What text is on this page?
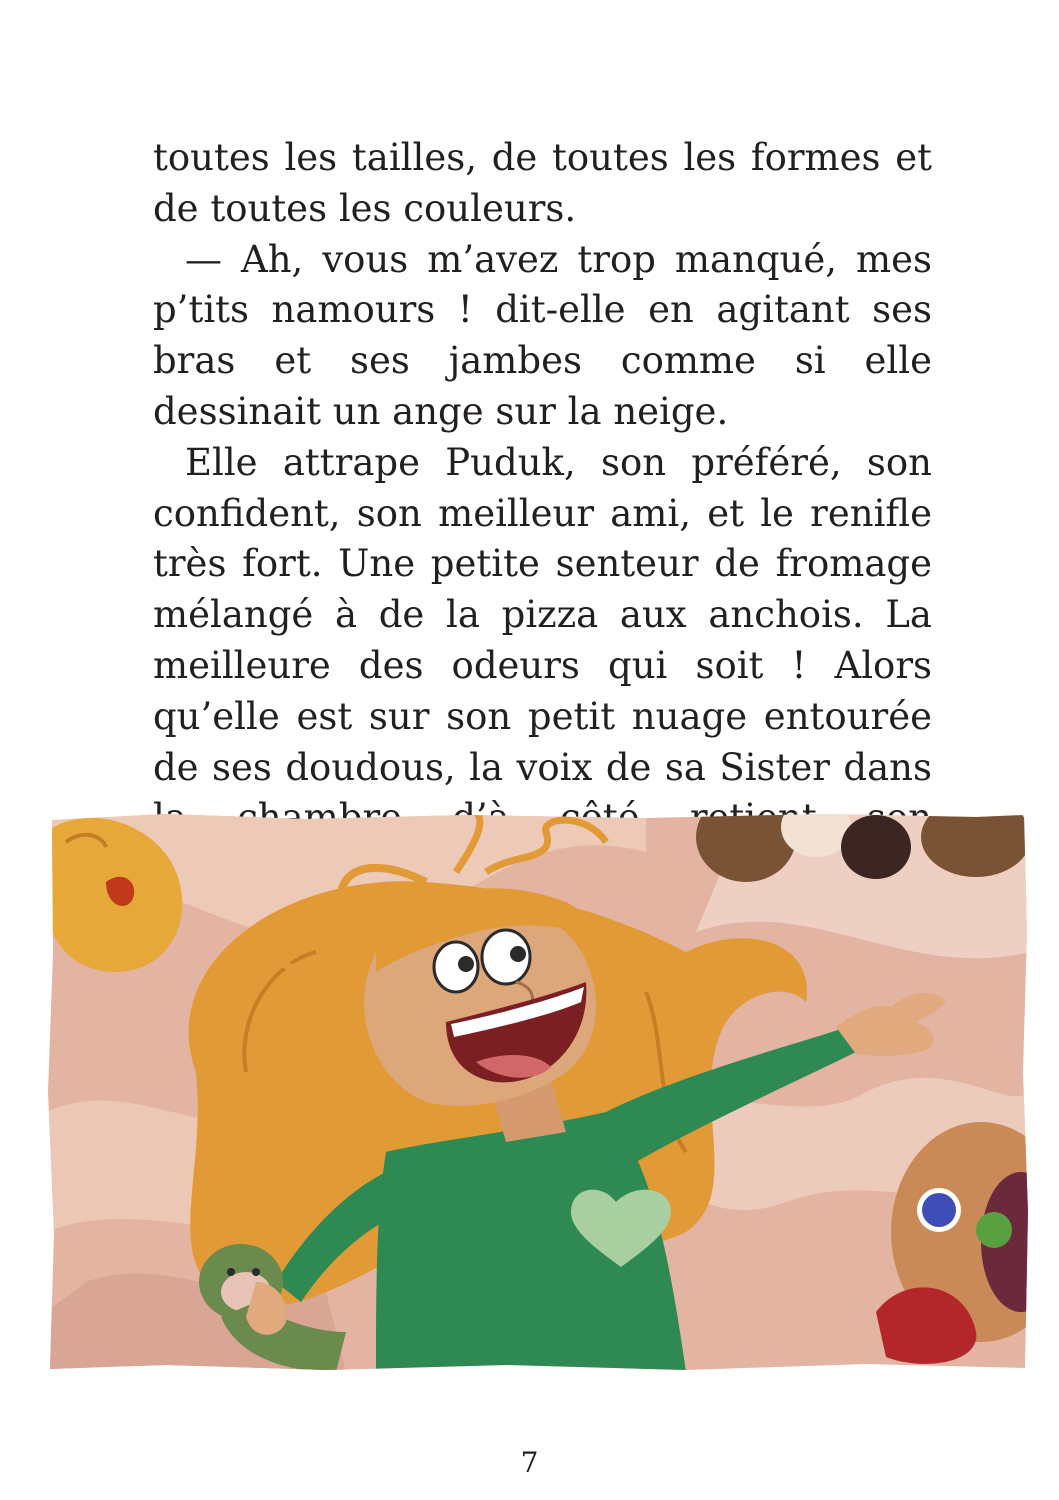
toutes les tailles, de toutes les formes et de toutes les couleurs.

— Ah, vous m’avez trop manqué, mes p’tits namours ! dit-elle en agitant ses bras et ses jambes comme si elle dessinait un ange sur la neige.

Elle attrape Puduk, son préféré, son confident, son meilleur ami, et le renifle très fort. Une petite senteur de fromage mélangé à de la pizza aux anchois. La meilleure des odeurs qui soit ! Alors qu’elle est sur son petit nuage entourée de ses doudous, la voix de sa Sister dans chambre

7
